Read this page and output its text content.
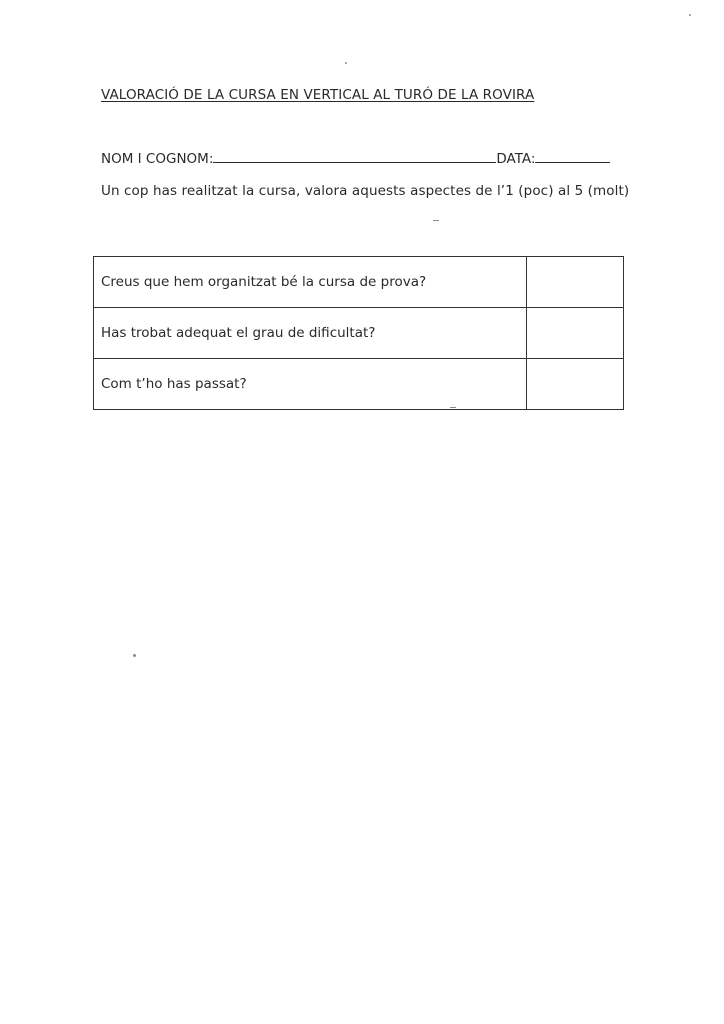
VALORACIÓ DE LA CURSA EN VERTICAL AL TURÓ DE LA ROVIRA
NOM I COGNOM:	DATA:
Un cop has realitzat la cursa, valora aquests aspectes de l’1 (poc) al 5 (molt)
Creus que hem organitzat bé la cursa de prova?	
Has trobat adequat el grau de dificultat?	
Com t’ho has passat?	
